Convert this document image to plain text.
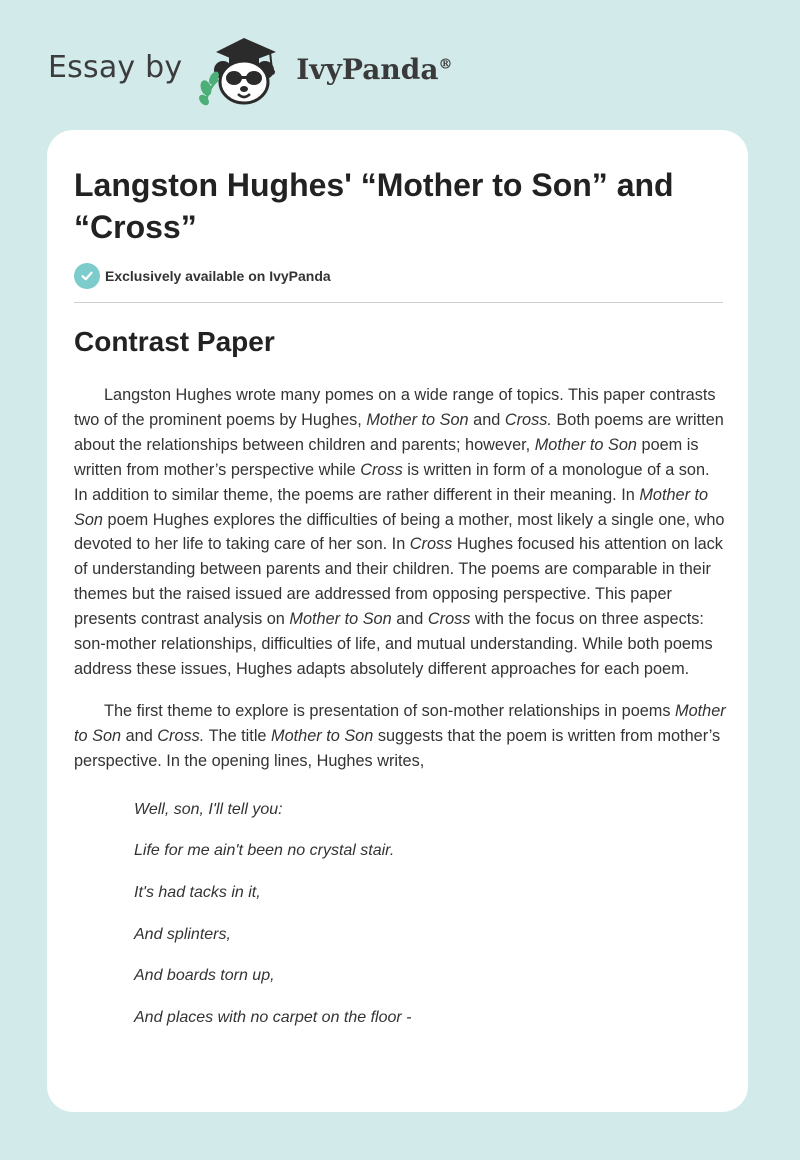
Essay by	IvyPanda®
Langston Hughes' “Mother to Son” and “Cross”
Exclusively available on IvyPanda
Contrast Paper

Langston Hughes wrote many pomes on a wide range of topics. This paper contrasts two of the prominent poems by Hughes, Mother to Son and Cross. Both poems are written about the relationships between children and parents; however, Mother to Son poem is written from mother’s perspective while Cross is written in form of a monologue of a son. In addition to similar theme, the poems are rather different in their meaning. In Mother to Son poem Hughes explores the difficulties of being a mother, most likely a single one, who devoted to her life to taking care of her son. In Cross Hughes focused his attention on lack of understanding between parents and their children. The poems are comparable in their themes but the raised issued are addressed from opposing perspective. This paper presents contrast analysis on Mother to Son and Cross with the focus on three aspects: son-mother relationships, difficulties of life, and mutual understanding. While both poems address these issues, Hughes adapts absolutely different approaches for each poem.

The first theme to explore is presentation of son-mother relationships in poems Mother to Son and Cross. The title Mother to Son suggests that the poem is written from mother’s perspective. In the opening lines, Hughes writes,

Well, son, I'll tell you:

Life for me ain't been no crystal stair.

It's had tacks in it,

And splinters,

And boards torn up,

And places with no carpet on the floor -
